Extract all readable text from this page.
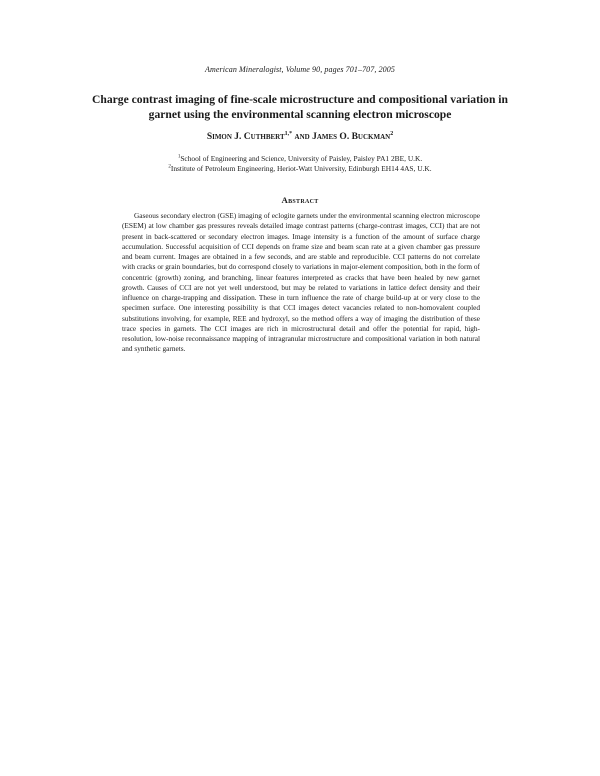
American Mineralogist, Volume 90, pages 701–707, 2005
Charge contrast imaging of fine-scale microstructure and compositional variation in garnet using the environmental scanning electron microscope
Simon J. Cuthbert$^{1,*}$ and James O. Buckman$^2$
$^1$School of Engineering and Science, University of Paisley, Paisley PA1 2BE, U.K.
$^2$Institute of Petroleum Engineering, Heriot-Watt University, Edinburgh EH14 4AS, U.K.
Abstract

Gaseous secondary electron (GSE) imaging of eclogite garnets under the environmental scanning electron microscope (ESEM) at low chamber gas pressures reveals detailed image contrast patterns (charge-contrast images, CCI) that are not present in back-scattered or secondary electron images. Image intensity is a function of the amount of surface charge accumulation. Successful acquisition of CCI depends on frame size and beam scan rate at a given chamber gas pressure and beam current. Images are obtained in a few seconds, and are stable and reproducible. CCI patterns do not correlate with cracks or grain boundaries, but do correspond closely to variations in major-element composition, both in the form of concentric (growth) zoning, and branching, linear features interpreted as cracks that have been healed by new garnet growth. Causes of CCI are not yet well understood, but may be related to variations in lattice defect density and their influence on charge-trapping and dissipation. These in turn influence the rate of charge build-up at or very close to the specimen surface. One interesting possibility is that CCI images detect vacancies related to non-homovalent coupled substitutions involving, for example, REE and hydroxyl, so the method offers a way of imaging the distribution of these trace species in garnets. The CCI images are rich in microstructural detail and offer the potential for rapid, high-resolution, low-noise reconnaissance mapping of intragranular microstructure and compositional variation in both natural and synthetic garnets.
